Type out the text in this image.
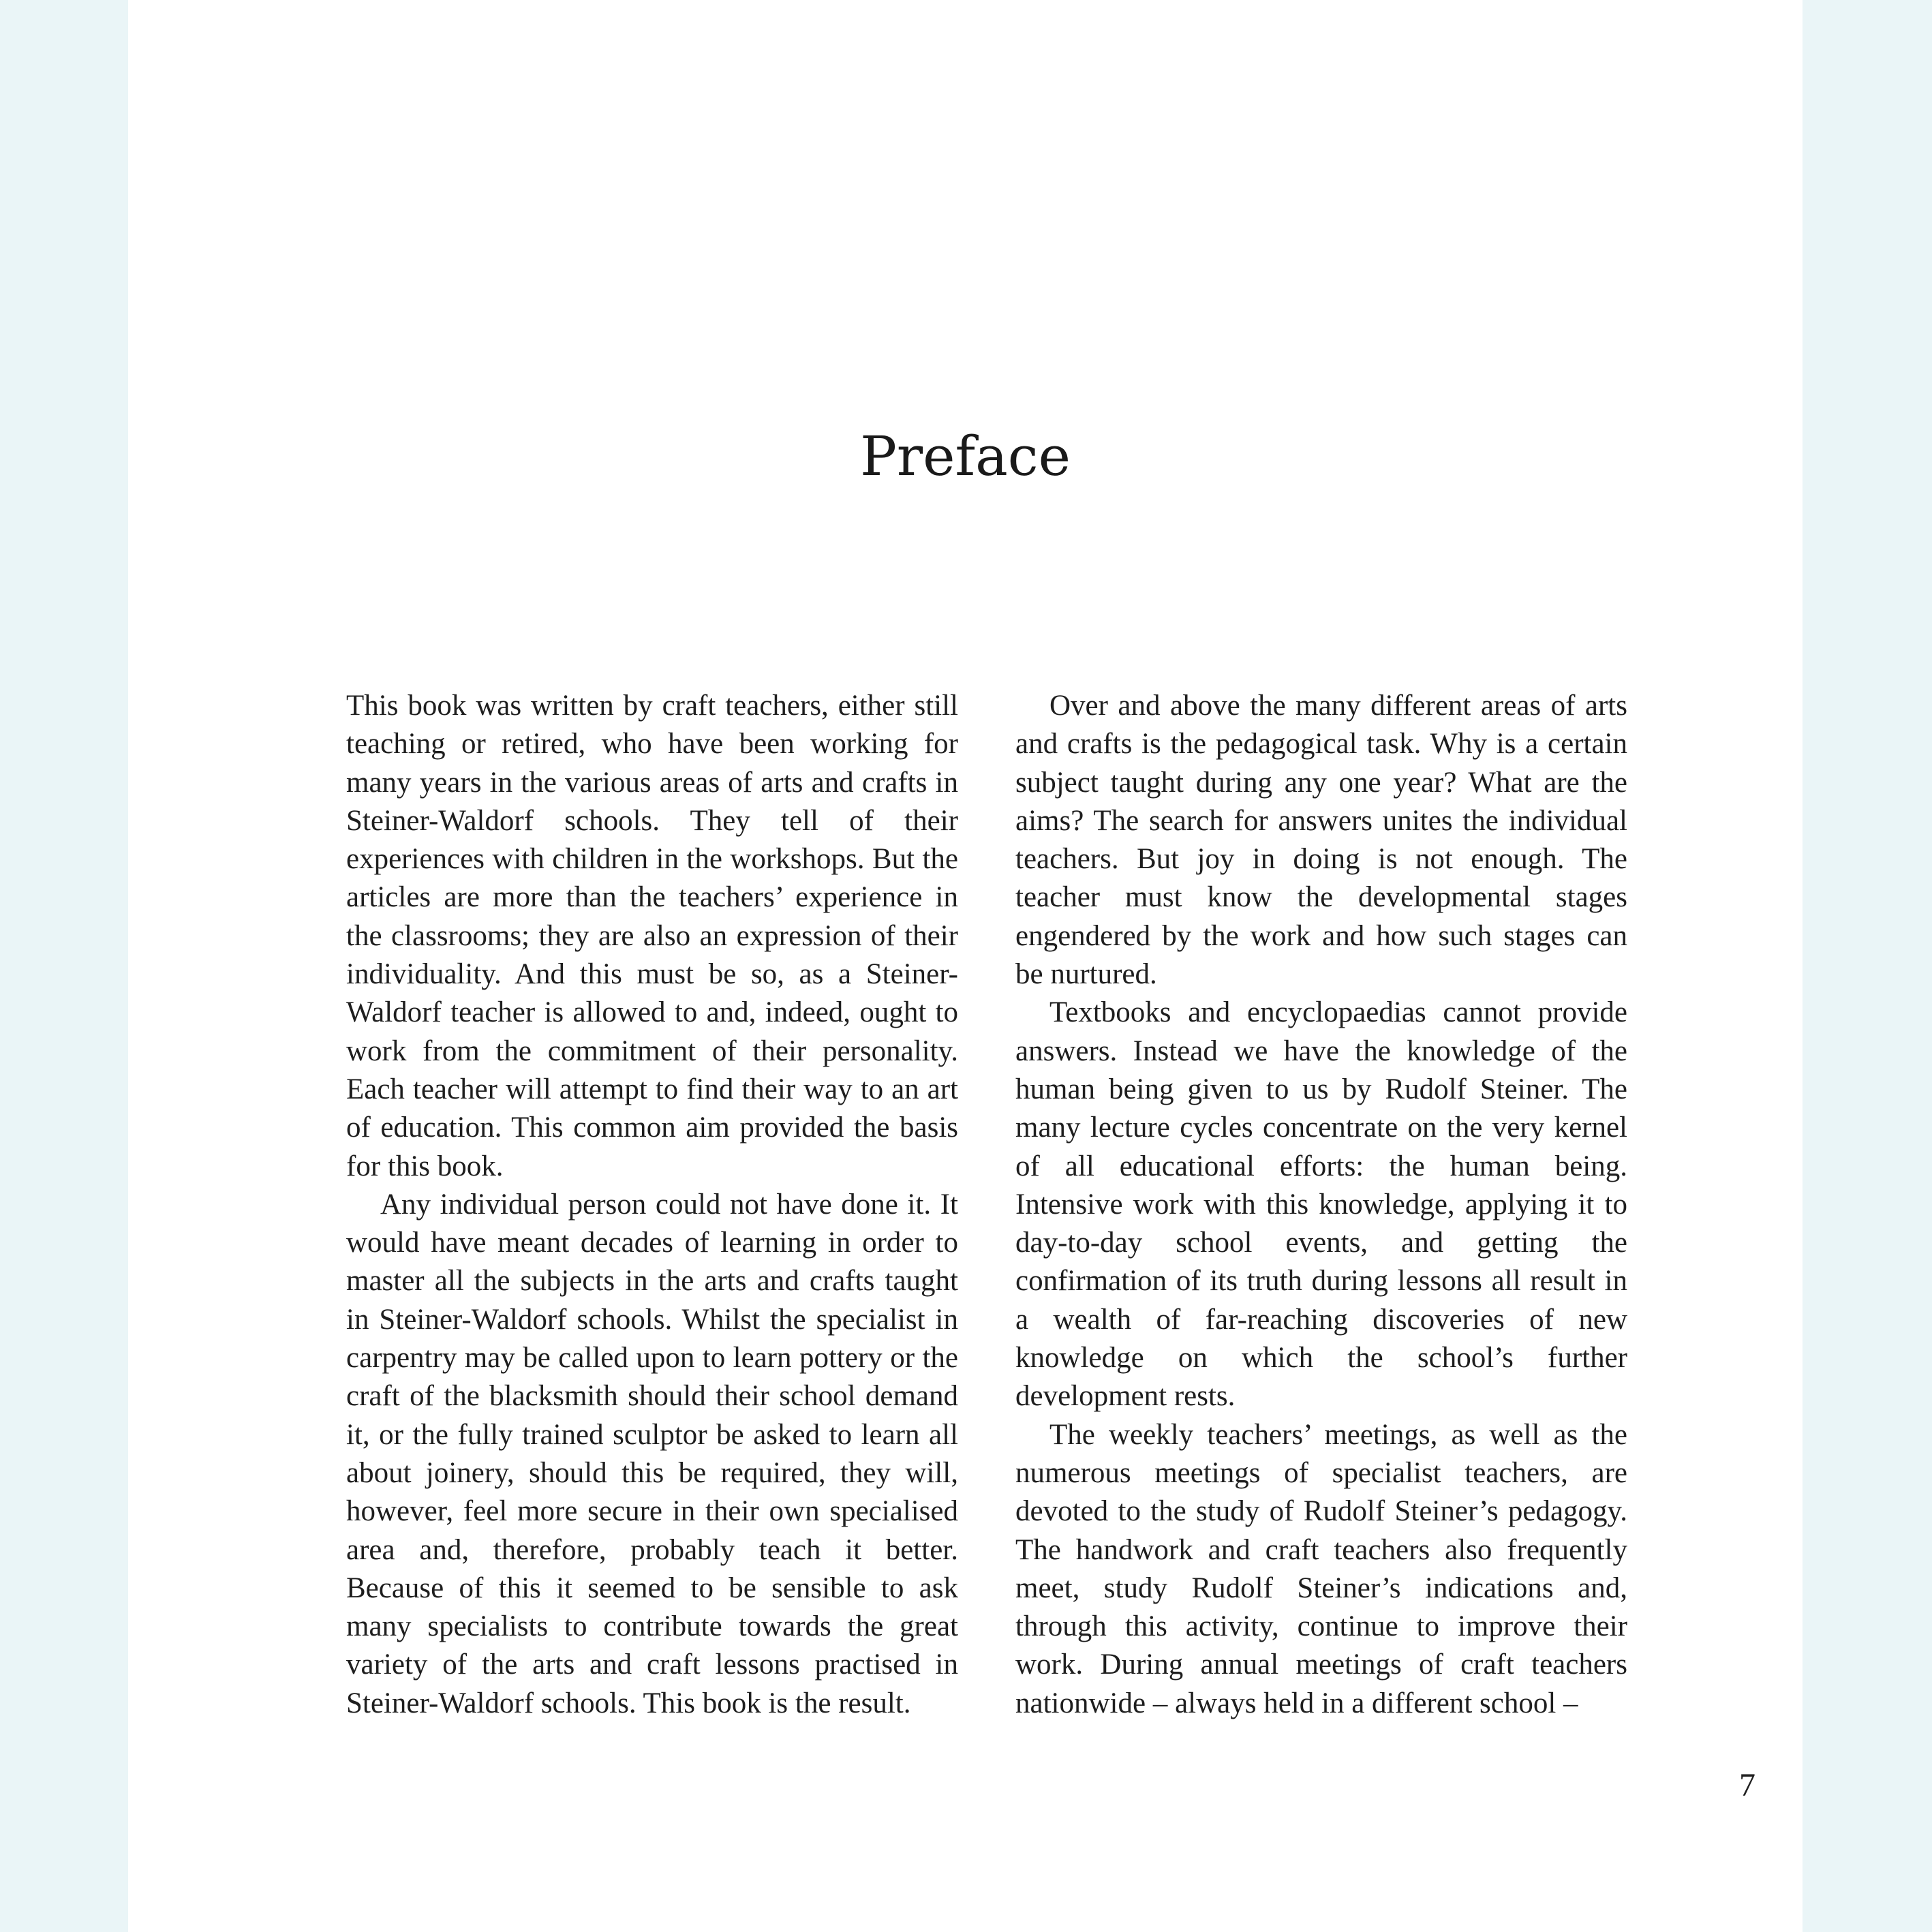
Preface

This book was written by craft teachers, either still teaching or retired, who have been working for many years in the various areas of arts and crafts in Steiner-Waldorf schools. They tell of their experiences with children in the workshops. But the articles are more than the teachers’ experience in the classrooms; they are also an expression of their individuality. And this must be so, as a Steiner-Waldorf teacher is allowed to and, indeed, ought to work from the commitment of their personality. Each teacher will attempt to find their way to an art of education. This common aim provided the basis for this book.

Any individual person could not have done it. It would have meant decades of learning in order to master all the subjects in the arts and crafts taught in Steiner-Waldorf schools. Whilst the specialist in carpentry may be called upon to learn pottery or the craft of the blacksmith should their school demand it, or the fully trained sculptor be asked to learn all about joinery, should this be required, they will, however, feel more secure in their own specialised area and, therefore, probably teach it better. Because of this it seemed to be sensible to ask many specialists to contribute towards the great variety of the arts and craft lessons practised in Steiner-Waldorf schools. This book is the result.

Over and above the many different areas of arts and crafts is the pedagogical task. Why is a certain subject taught during any one year? What are the aims? The search for answers unites the individual teachers. But joy in doing is not enough. The teacher must know the developmental stages engendered by the work and how such stages can be nurtured.

Textbooks and encyclopaedias cannot provide answers. Instead we have the knowledge of the human being given to us by Rudolf Steiner. The many lecture cycles concentrate on the very kernel of all educational efforts: the human being. Intensive work with this knowledge, applying it to day-to-day school events, and getting the confirmation of its truth during lessons all result in a wealth of far-reaching discoveries of new knowledge on which the school’s further development rests.

The weekly teachers’ meetings, as well as the numerous meetings of specialist teachers, are devoted to the study of Rudolf Steiner’s pedagogy. The handwork and craft teachers also frequently meet, study Rudolf Steiner’s indications and, through this activity, continue to improve their work. During annual meetings of craft teachers nationwide – always held in a different school –

7
